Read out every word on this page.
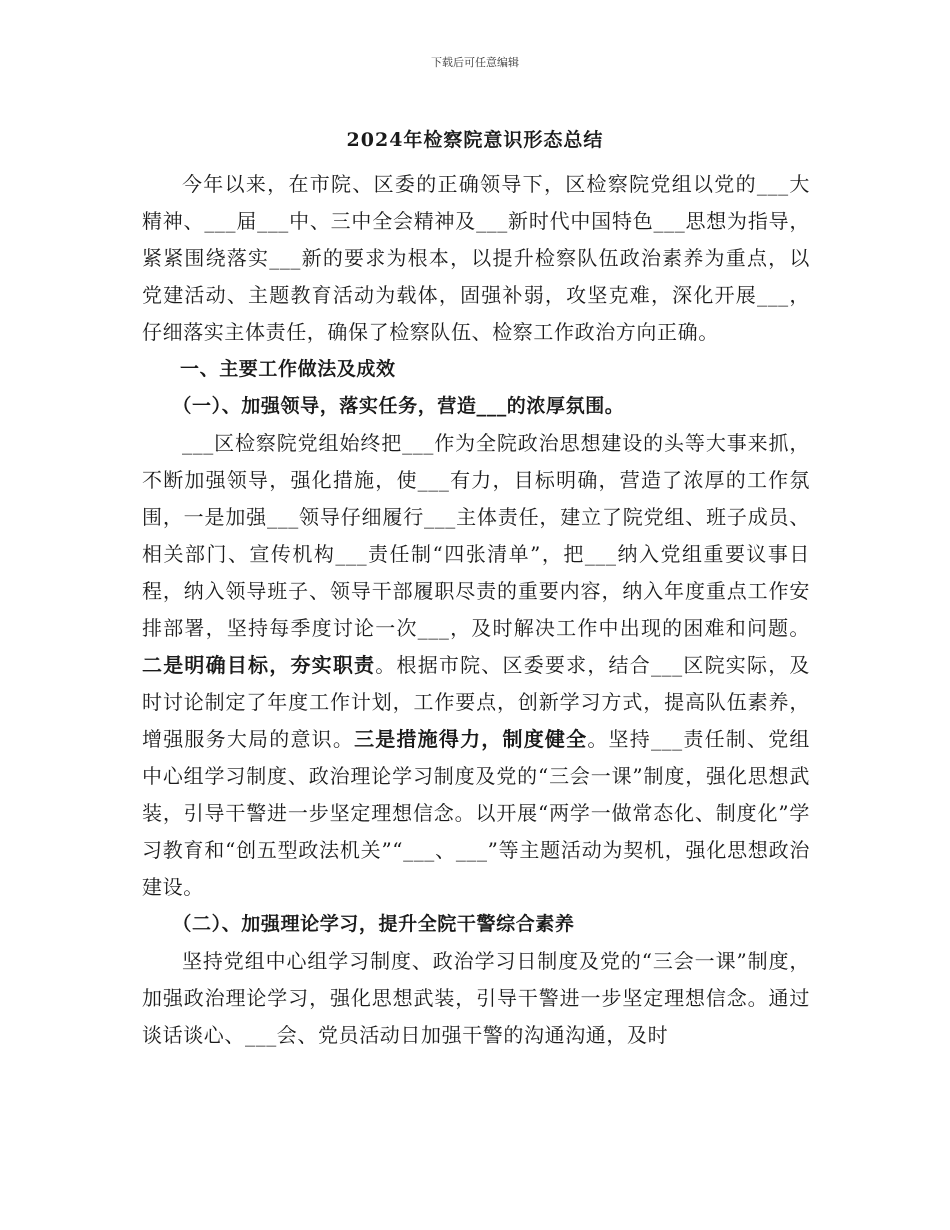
下载后可任意编辑
2024年检察院意识形态总结

今年以来，在市院、区委的正确领导下，区检察院党组以党的___大精神、___届___中、三中全会精神及___新时代中国特色___思想为指导，紧紧围绕落实___新的要求为根本，以提升检察队伍政治素养为重点，以党建活动、主题教育活动为载体，固强补弱，攻坚克难，深化开展___，仔细落实主体责任，确保了检察队伍、检察工作政治方向正确。

一、主要工作做法及成效
（一）、加强领导，落实任务，营造___的浓厚氛围。

___区检察院党组始终把___作为全院政治思想建设的头等大事来抓，不断加强领导，强化措施，使___有力，目标明确，营造了浓厚的工作氛围，一是加强___领导仔细履行___主体责任，建立了院党组、班子成员、相关部门、宣传机构___责任制“四张清单”，把___纳入党组重要议事日程，纳入领导班子、领导干部履职尽责的重要内容，纳入年度重点工作安排部署，坚持每季度讨论一次___，及时解决工作中出现的困难和问题。二是明确目标，夯实职责。根据市院、区委要求，结合___区院实际，及时讨论制定了年度工作计划，工作要点，创新学习方式，提高队伍素养，增强服务大局的意识。三是措施得力，制度健全。坚持___责任制、党组中心组学习制度、政治理论学习制度及党的“三会一课”制度，强化思想武装，引导干警进一步坚定理想信念。以开展“两学一做常态化、制度化”学习教育和“创五型政法机关”“___、___”等主题活动为契机，强化思想政治建设。

（二）、加强理论学习，提升全院干警综合素养

坚持党组中心组学习制度、政治学习日制度及党的“三会一课”制度，加强政治理论学习，强化思想武装，引导干警进一步坚定理想信念。通过谈话谈心、___会、党员活动日加强干警的沟通沟通，及时
